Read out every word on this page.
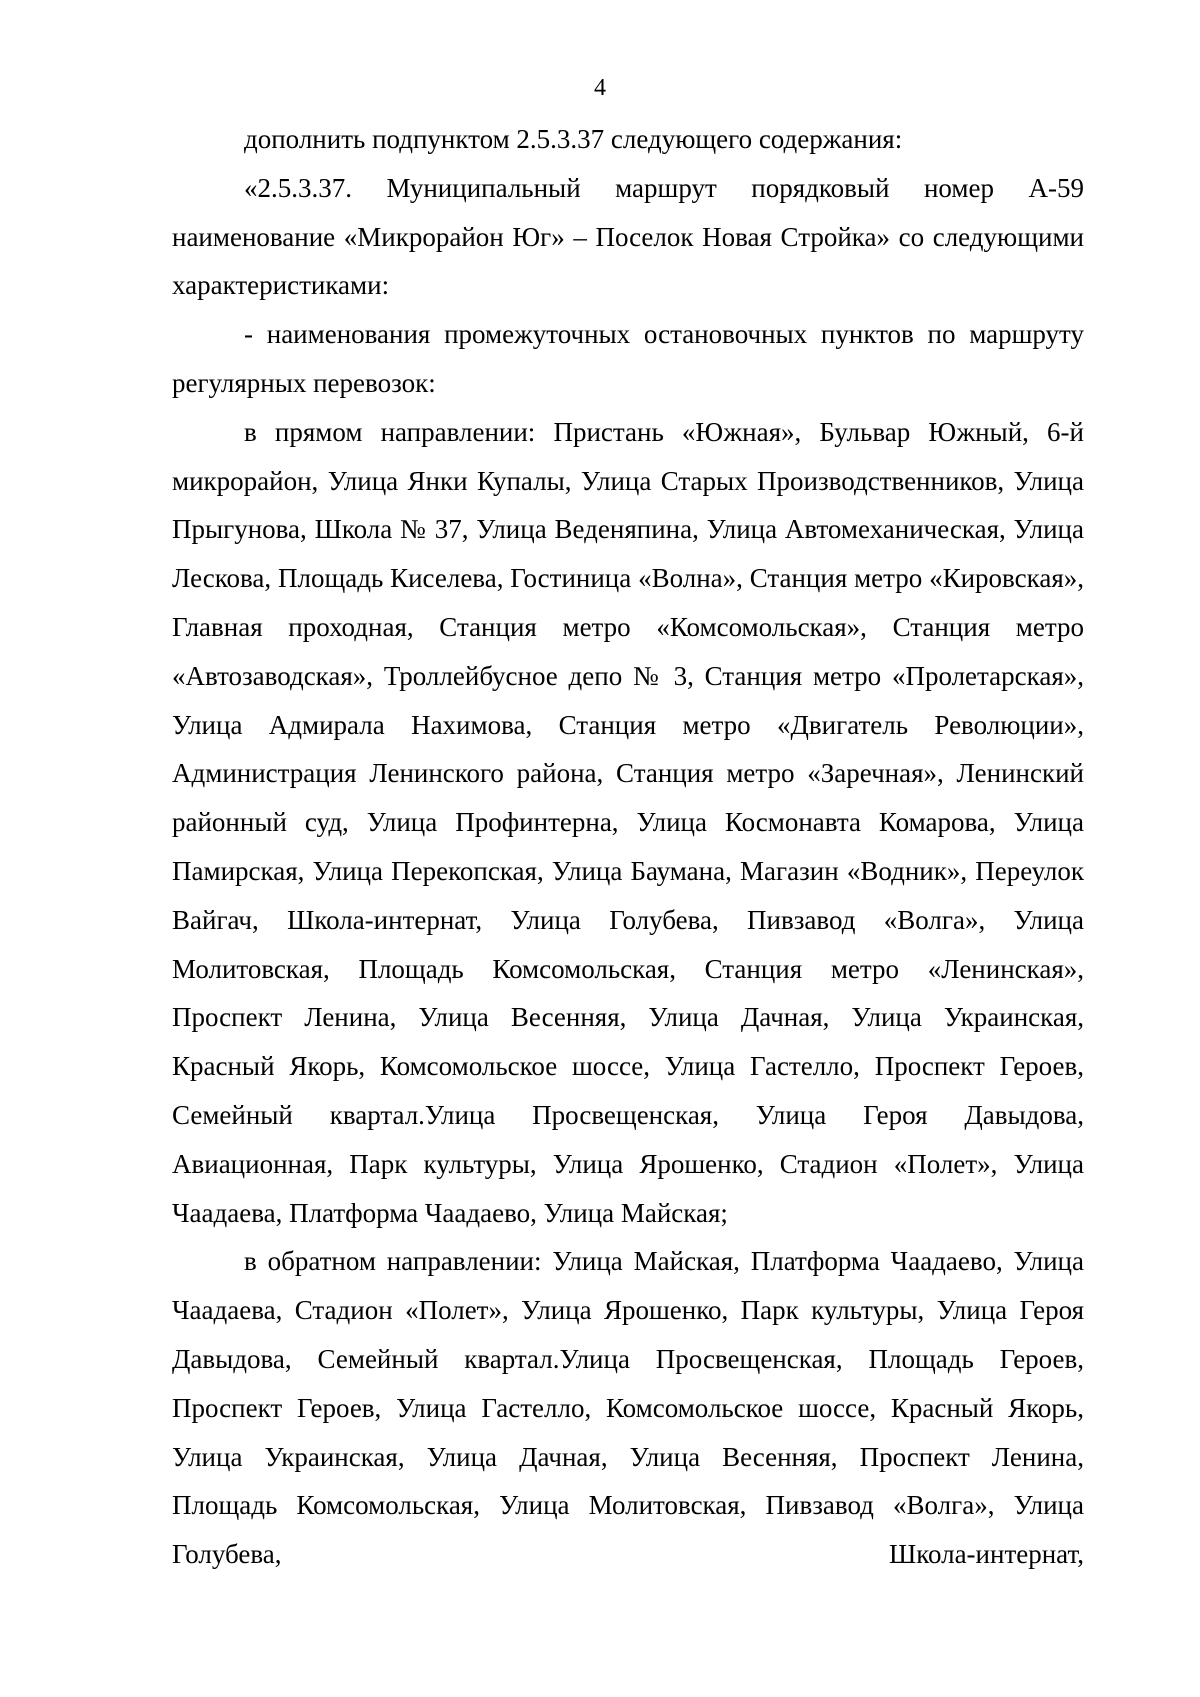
4

дополнить подпунктом 2.5.3.37 следующего содержания:

«2.5.3.37. Муниципальный маршрут порядковый номер А-59 наименование «Микрорайон Юг» – Поселок Новая Стройка» со следующими характеристиками:

- наименования промежуточных остановочных пунктов по маршруту регулярных перевозок:

в прямом направлении: Пристань «Южная», Бульвар Южный, 6-й микрорайон, Улица Янки Купалы, Улица Старых Производственников, Улица Прыгунова, Школа № 37, Улица Веденяпина, Улица Автомеханическая, Улица Лескова, Площадь Киселева, Гостиница «Волна», Станция метро «Кировская», Главная проходная, Станция метро «Комсомольская», Станция метро «Автозаводская», Троллейбусное депо № 3, Станция метро «Пролетарская», Улица Адмирала Нахимова, Станция метро «Двигатель Революции», Администрация Ленинского района, Станция метро «Заречная», Ленинский районный суд, Улица Профинтерна, Улица Космонавта Комарова, Улица Памирская, Улица Перекопская, Улица Баумана, Магазин «Водник», Переулок Вайгач, Школа-интернат, Улица Голубева, Пивзавод «Волга», Улица Молитовская, Площадь Комсомольская, Станция метро «Ленинская», Проспект Ленина, Улица Весенняя, Улица Дачная, Улица Украинская, Красный Якорь, Комсомольское шоссе, Улица Гастелло, Проспект Героев, Семейный квартал.Улица Просвещенская, Улица Героя Давыдова, Авиационная, Парк культуры, Улица Ярошенко, Стадион «Полет», Улица Чаадаева, Платформа Чаадаево, Улица Майская;

в обратном направлении: Улица Майская, Платформа Чаадаево, Улица Чаадаева, Стадион «Полет», Улица Ярошенко, Парк культуры, Улица Героя Давыдова, Семейный квартал.Улица Просвещенская, Площадь Героев, Проспект Героев, Улица Гастелло, Комсомольское шоссе, Красный Якорь, Улица Украинская, Улица Дачная, Улица Весенняя, Проспект Ленина, Площадь Комсомольская, Улица Молитовская, Пивзавод «Волга», Улица Голубева, Школа-интернат,
